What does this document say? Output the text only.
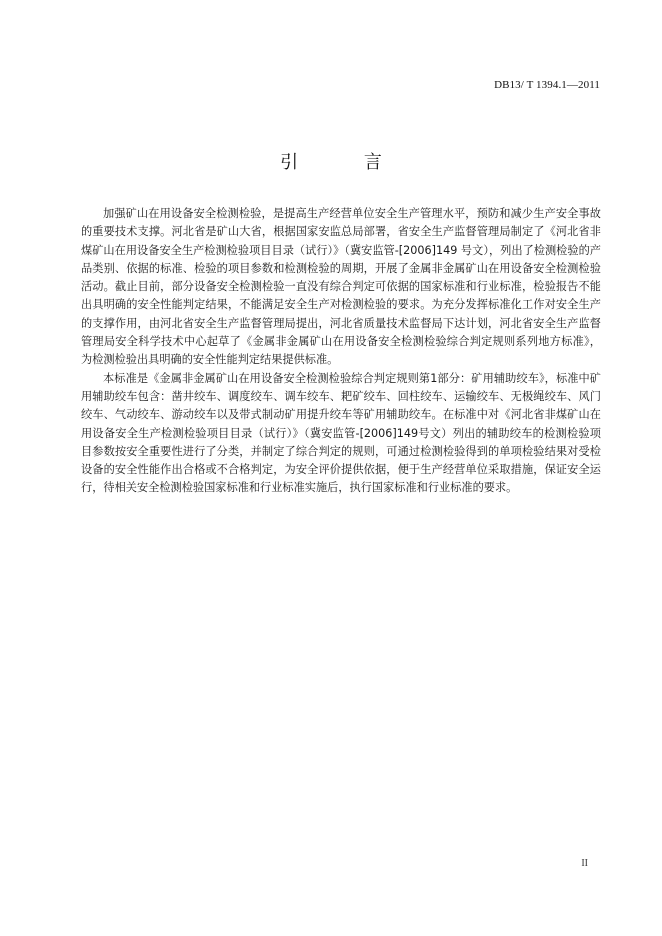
DB13/ T 1394.1—2011
引 言

加强矿山在用设备安全检测检验，是提高生产经营单位安全生产管理水平，预防和减少生产安全事故的重要技术支撑。河北省是矿山大省，根据国家安监总局部署，省安全生产监督管理局制定了《河北省非煤矿山在用设备安全生产检测检验项目目录（试行）》（冀安监管-[2006]149 号文），列出了检测检验的产品类别、依据的标准、检验的项目参数和检测检验的周期，开展了金属非金属矿山在用设备安全检测检验活动。截止目前，部分设备安全检测检验一直没有综合判定可依据的国家标准和行业标准，检验报告不能出具明确的安全性能判定结果，不能满足安全生产对检测检验的要求。为充分发挥标准化工作对安全生产的支撑作用，由河北省安全生产监督管理局提出，河北省质量技术监督局下达计划，河北省安全生产监督管理局安全科学技术中心起草了《金属非金属矿山在用设备安全检测检验综合判定规则系列地方标准》，为检测检验出具明确的安全性能判定结果提供标准。

本标准是《金属非金属矿山在用设备安全检测检验综合判定规则第1部分：矿用辅助绞车》，标准中矿用辅助绞车包含：凿井绞车、调度绞车、调车绞车、耙矿绞车、回柱绞车、运输绞车、无极绳绞车、风门绞车、气动绞车、游动绞车以及带式制动矿用提升绞车等矿用辅助绞车。在标准中对《河北省非煤矿山在用设备安全生产检测检验项目目录（试行）》（冀安监管-[2006]149号文）列出的辅助绞车的检测检验项目参数按安全重要性进行了分类，并制定了综合判定的规则，可通过检测检验得到的单项检验结果对受检设备的安全性能作出合格或不合格判定，为安全评价提供依据，便于生产经营单位采取措施，保证安全运行，待相关安全检测检验国家标准和行业标准实施后，执行国家标准和行业标准的要求。

II
